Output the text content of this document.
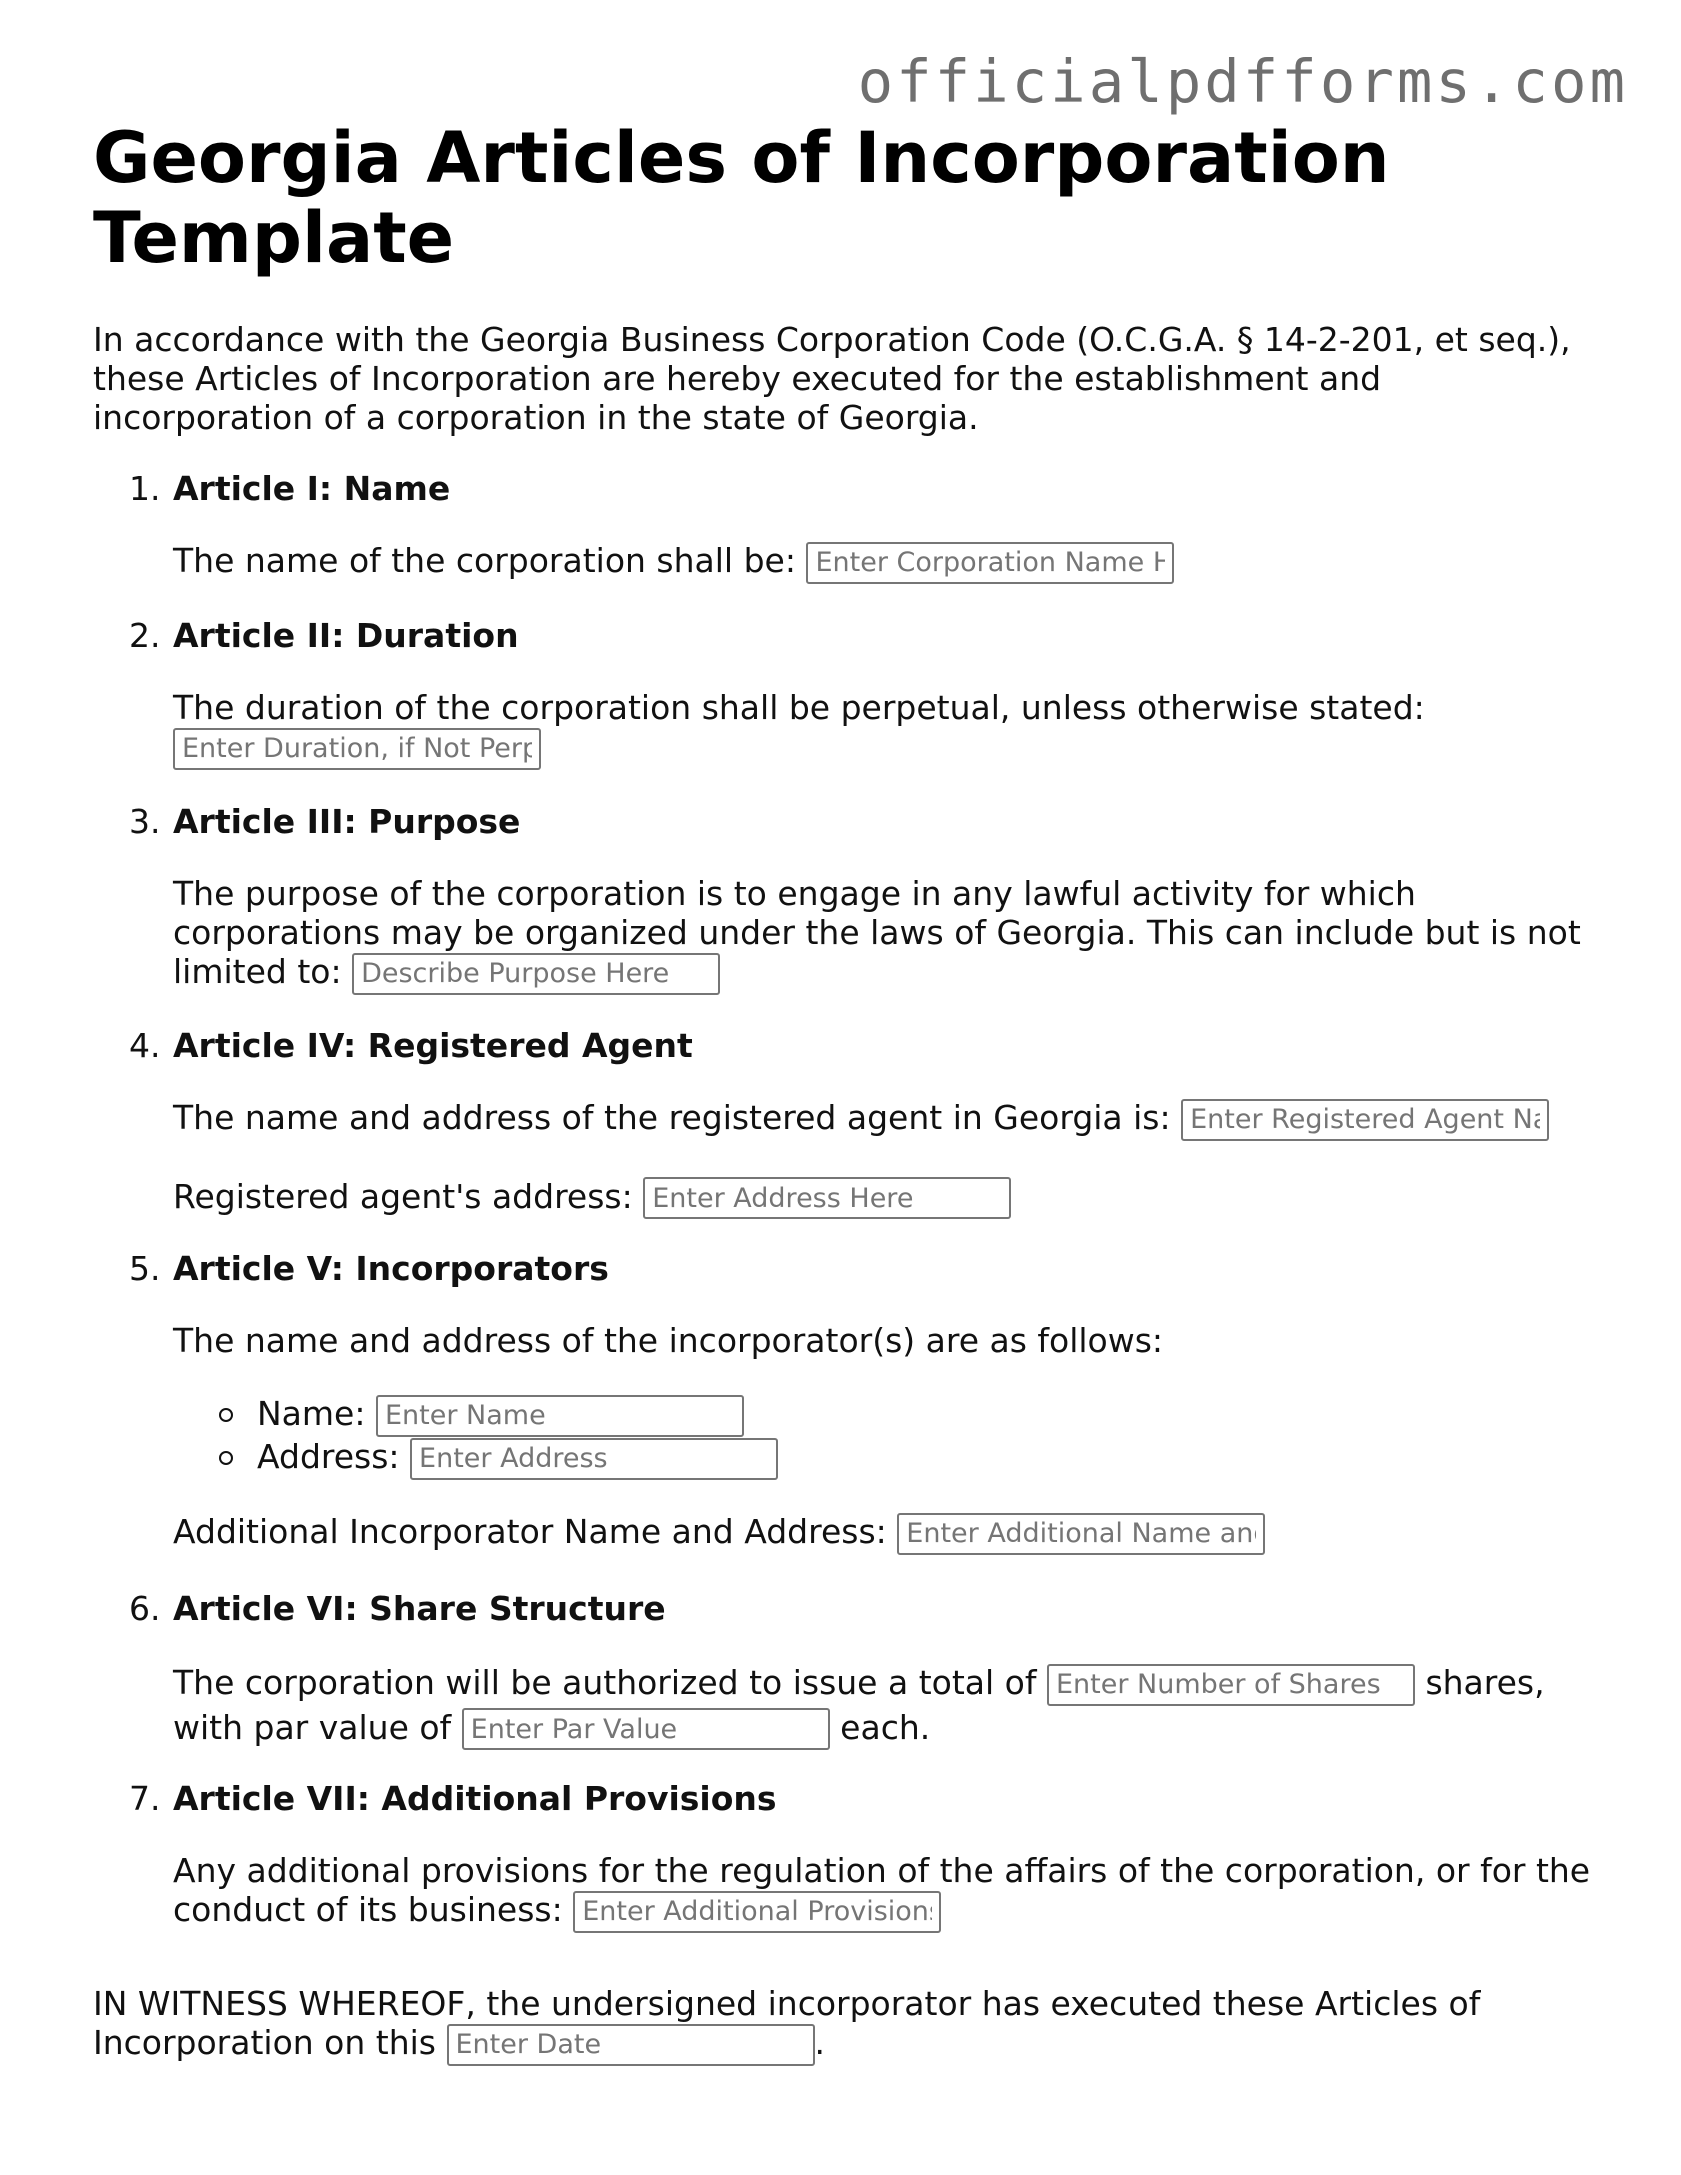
officialpdfforms.com
Georgia Articles of Incorporation Template

In accordance with the Georgia Business Corporation Code (O.C.G.A. § 14-2-201, et seq.), these Articles of Incorporation are hereby executed for the establishment and incorporation of a corporation in the state of Georgia.

1. Article I: Name

The name of the corporation shall be: Enter Corporation Name Here

2. Article II: Duration

The duration of the corporation shall be perpetual, unless otherwise stated:
Enter Duration, if Not Perpetual

3. Article III: Purpose

The purpose of the corporation is to engage in any lawful activity for which corporations may be organized under the laws of Georgia. This can include but is not limited to: Describe Purpose Here

4. Article IV: Registered Agent

The name and address of the registered agent in Georgia is: Enter Registered Agent Name

Registered agent's address: Enter Address Here

5. Article V: Incorporators

The name and address of the incorporator(s) are as follows:

Name: Enter Name
Address: Enter Address

Additional Incorporator Name and Address: Enter Additional Name and Address

6. Article VI: Share Structure

The corporation will be authorized to issue a total of Enter Number of Shares	shares,
with par value of Enter Par Value	each.

7. Article VII: Additional Provisions

Any additional provisions for the regulation of the affairs of the corporation, or for the conduct of its business: Enter Additional Provisions

IN WITNESS WHEREOF, the undersigned incorporator has executed these Articles of Incorporation on this Enter Date	.
